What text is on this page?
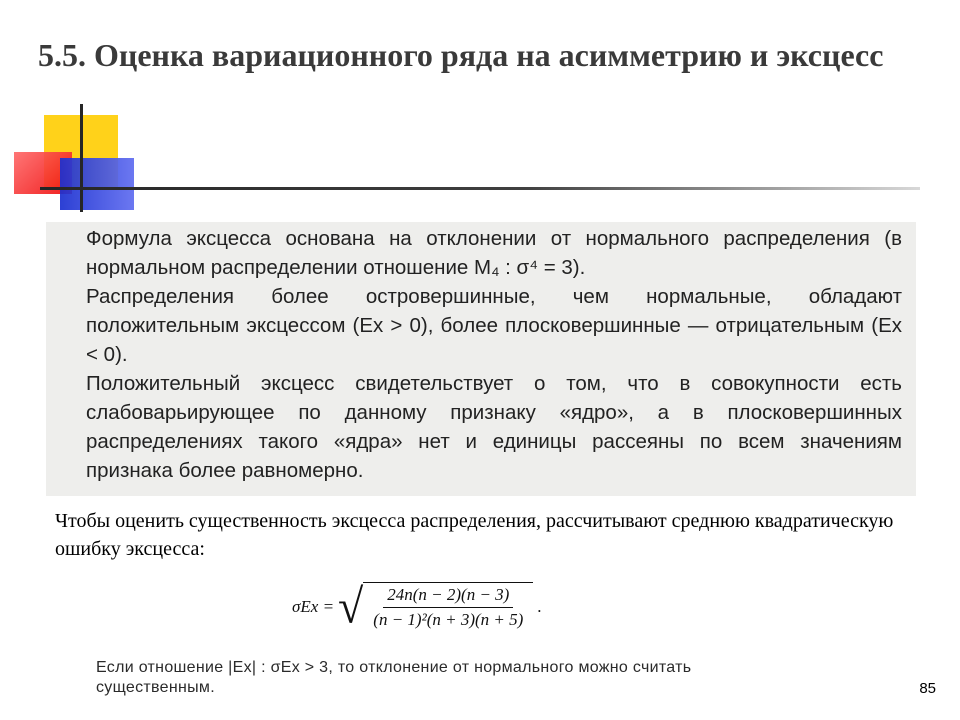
5.5. Оценка вариационного ряда на асимметрию и эксцесс

Формула эксцесса основана на отклонении от нормального распределения (в нормальном распределении отношение M₄ : σ⁴ = 3).

Распределения более островершинные, чем нормальные, обладают положительным эксцессом (Ex > 0), более плосковершинные — отрицательным (Ex < 0).

Положительный эксцесс свидетельствует о том, что в совокупности есть слабоварьирующее по данному признаку «ядро», а в плосковершинных распределениях такого «ядра» нет и единицы рассеяны по всем значениям признака более равномерно.

Чтобы оценить существенность эксцесса распределения, рассчитывают среднюю квадратическую ошибку эксцесса:

σEx = √ $\frac{24n(n - 2)(n - 3)}{\text{(n − 1)²(n + 3)(n + 5)}}$ .

Если отношение |Ex| : σEx > 3, то отклонение от нормального можно считать существенным.	85
